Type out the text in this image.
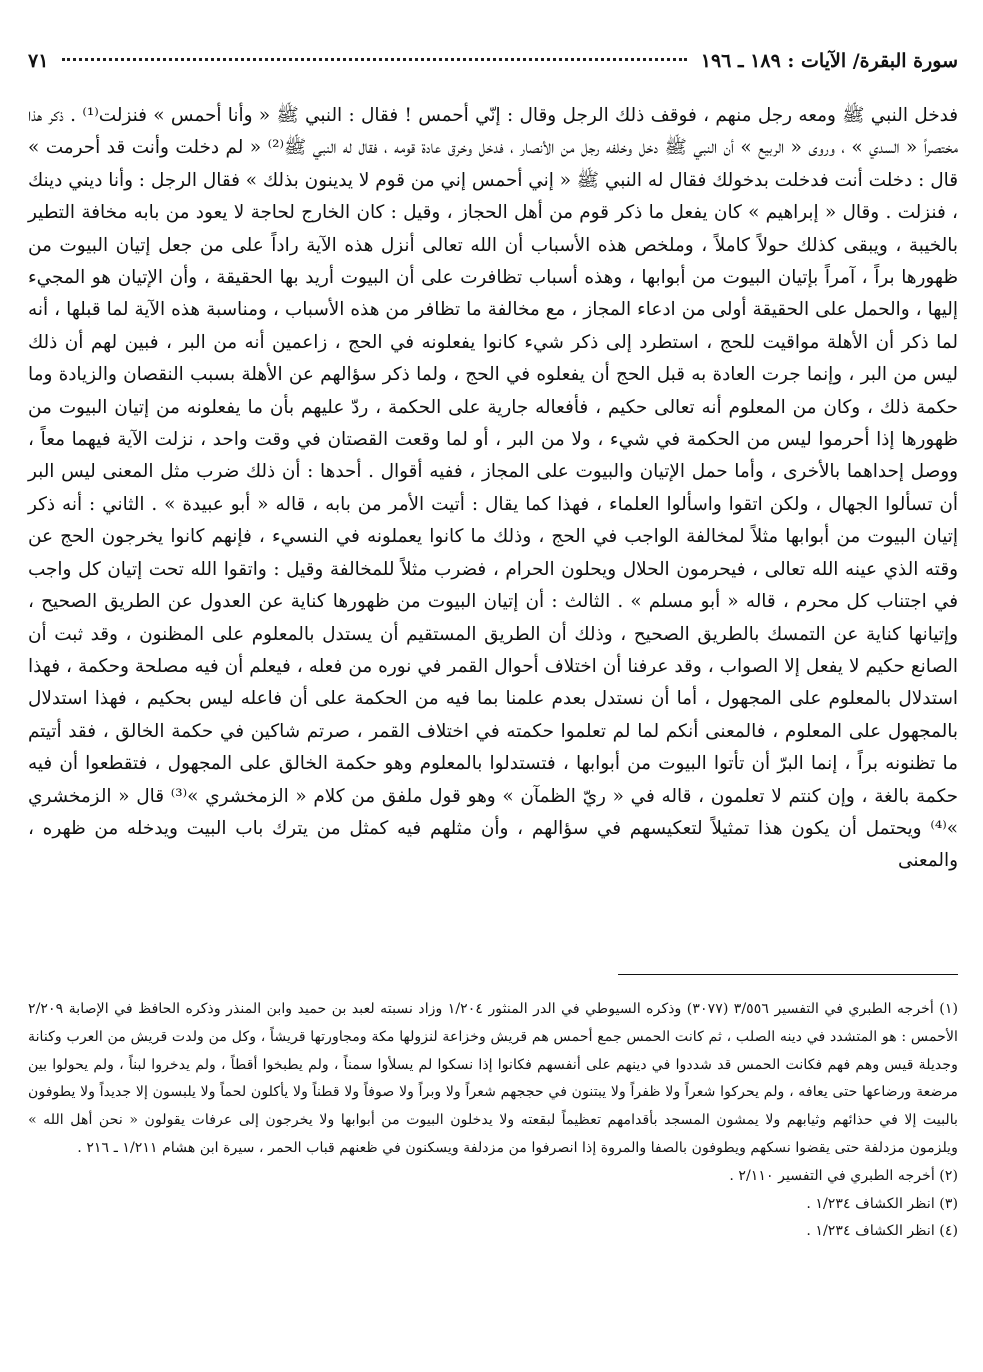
سورة البقرة/ الآيات : ١٨٩ ـ ١٩٦
٧١

فدخل النبي ﷺ ومعه رجل منهم ، فوقف ذلك الرجل وقال : إنّي أحمس ! فقال : النبي ﷺ « وأنا أحمس » فنزلت⁽¹⁾ . ذكر هذا مختصراً « السدي » ، وروى « الربيع » أن النبي ﷺ دخل وخلفه رجل من الأنصار ، فدخل وخرق عادة قومه ، فقال له النبي ﷺ⁽²⁾ « لم دخلت وأنت قد أحرمت » قال : دخلت أنت فدخلت بدخولك فقال له النبي ﷺ « إني أحمس إني من قوم لا يدينون بذلك » فقال الرجل : وأنا ديني دينك ، فنزلت . وقال « إبراهيم » كان يفعل ما ذكر قوم من أهل الحجاز ، وقيل : كان الخارج لحاجة لا يعود من بابه مخافة التطير بالخيبة ، ويبقى كذلك حولاً كاملاً ، وملخص هذه الأسباب أن الله تعالى أنزل هذه الآية راداً على من جعل إتيان البيوت من ظهورها براً ، آمراً بإتيان البيوت من أبوابها ، وهذه أسباب تظافرت على أن البيوت أريد بها الحقيقة ، وأن الإتيان هو المجيء إليها ، والحمل على الحقيقة أولى من ادعاء المجاز ، مع مخالفة ما تظافر من هذه الأسباب ، ومناسبة هذه الآية لما قبلها ، أنه لما ذكر أن الأهلة مواقيت للحج ، استطرد إلى ذكر شيء كانوا يفعلونه في الحج ، زاعمين أنه من البر ، فبين لهم أن ذلك ليس من البر ، وإنما جرت العادة به قبل الحج أن يفعلوه في الحج ، ولما ذكر سؤالهم عن الأهلة بسبب النقصان والزيادة وما حكمة ذلك ، وكان من المعلوم أنه تعالى حكيم ، فأفعاله جارية على الحكمة ، ردّ عليهم بأن ما يفعلونه من إتيان البيوت من ظهورها إذا أحرموا ليس من الحكمة في شيء ، ولا من البر ، أو لما وقعت القصتان في وقت واحد ، نزلت الآية فيهما معاً ، ووصل إحداهما بالأخرى ، وأما حمل الإتيان والبيوت على المجاز ، ففيه أقوال . أحدها : أن ذلك ضرب مثل المعنى ليس البر أن تسألوا الجهال ، ولكن اتقوا واسألوا العلماء ، فهذا كما يقال : أتيت الأمر من بابه ، قاله « أبو عبيدة » . الثاني : أنه ذكر إتيان البيوت من أبوابها مثلاً لمخالفة الواجب في الحج ، وذلك ما كانوا يعملونه في النسيء ، فإنهم كانوا يخرجون الحج عن وقته الذي عينه الله تعالى ، فيحرمون الحلال ويحلون الحرام ، فضرب مثلاً للمخالفة وقيل : واتقوا الله تحت إتيان كل واجب في اجتناب كل محرم ، قاله « أبو مسلم » . الثالث : أن إتيان البيوت من ظهورها كناية عن العدول عن الطريق الصحيح ، وإتيانها كناية عن التمسك بالطريق الصحيح ، وذلك أن الطريق المستقيم أن يستدل بالمعلوم على المظنون ، وقد ثبت أن الصانع حكيم لا يفعل إلا الصواب ، وقد عرفنا أن اختلاف أحوال القمر في نوره من فعله ، فيعلم أن فيه مصلحة وحكمة ، فهذا استدلال بالمعلوم على المجهول ، أما أن نستدل بعدم علمنا بما فيه من الحكمة على أن فاعله ليس بحكيم ، فهذا استدلال بالمجهول على المعلوم ، فالمعنى أنكم لما لم تعلموا حكمته في اختلاف القمر ، صرتم شاكين في حكمة الخالق ، فقد أتيتم ما تظنونه براً ، إنما البرّ أن تأتوا البيوت من أبوابها ، فتستدلوا بالمعلوم وهو حكمة الخالق على المجهول ، فتقطعوا أن فيه حكمة بالغة ، وإن كنتم لا تعلمون ، قاله في « ريّ الظمآن » وهو قول ملفق من كلام « الزمخشري »⁽³⁾ قال « الزمخشري »⁽⁴⁾ ويحتمل أن يكون هذا تمثيلاً لتعكيسهم في سؤالهم ، وأن مثلهم فيه كمثل من يترك باب البيت ويدخله من ظهره ، والمعنى

(١) أخرجه الطبري في التفسير ٣/٥٥٦ (٣٠٧٧) وذكره السيوطي في الدر المنثور ١/٢٠٤ وزاد نسبته لعبد بن حميد وابن المنذر وذكره الحافظ في الإصابة ٢/٢٠٩ الأحمس : هو المتشدد في دينه الصلب ، ثم كانت الحمس جمع أحمس هم قريش وخزاعة لنزولها مكة ومجاورتها قريشاً ، وكل من ولدت قريش من العرب وكنانة وجديلة قيس وهم فهم فكانت الحمس قد شددوا في دينهم على أنفسهم فكانوا إذا نسكوا لم يسلأوا سمناً ، ولم يطبخوا أقطاً ، ولم يدخروا لبناً ، ولم يحولوا بين مرضعة ورضاعها حتى يعافه ، ولم يحركوا شعراً ولا ظفراً ولا يبتنون في حججهم شعراً ولا وبراً ولا صوفاً ولا قطناً ولا يأكلون لحماً ولا يلبسون إلا جديداً ولا يطوفون بالبيت إلا في حذائهم وثيابهم ولا يمشون المسجد بأقدامهم تعظيماً لبقعته ولا يدخلون البيوت من أبوابها ولا يخرجون إلى عرفات يقولون « نحن أهل الله » ويلزمون مزدلفة حتى يقضوا نسكهم ويطوفون بالصفا والمروة إذا انصرفوا من مزدلفة ويسكنون في ظعنهم قباب الحمر ، سيرة ابن هشام ١/٢١١ ـ ٢١٦ .

(٢) أخرجه الطبري في التفسير ٢/١١٠ .

(٣) انظر الكشاف ١/٢٣٤ .

(٤) انظر الكشاف ١/٢٣٤ .
